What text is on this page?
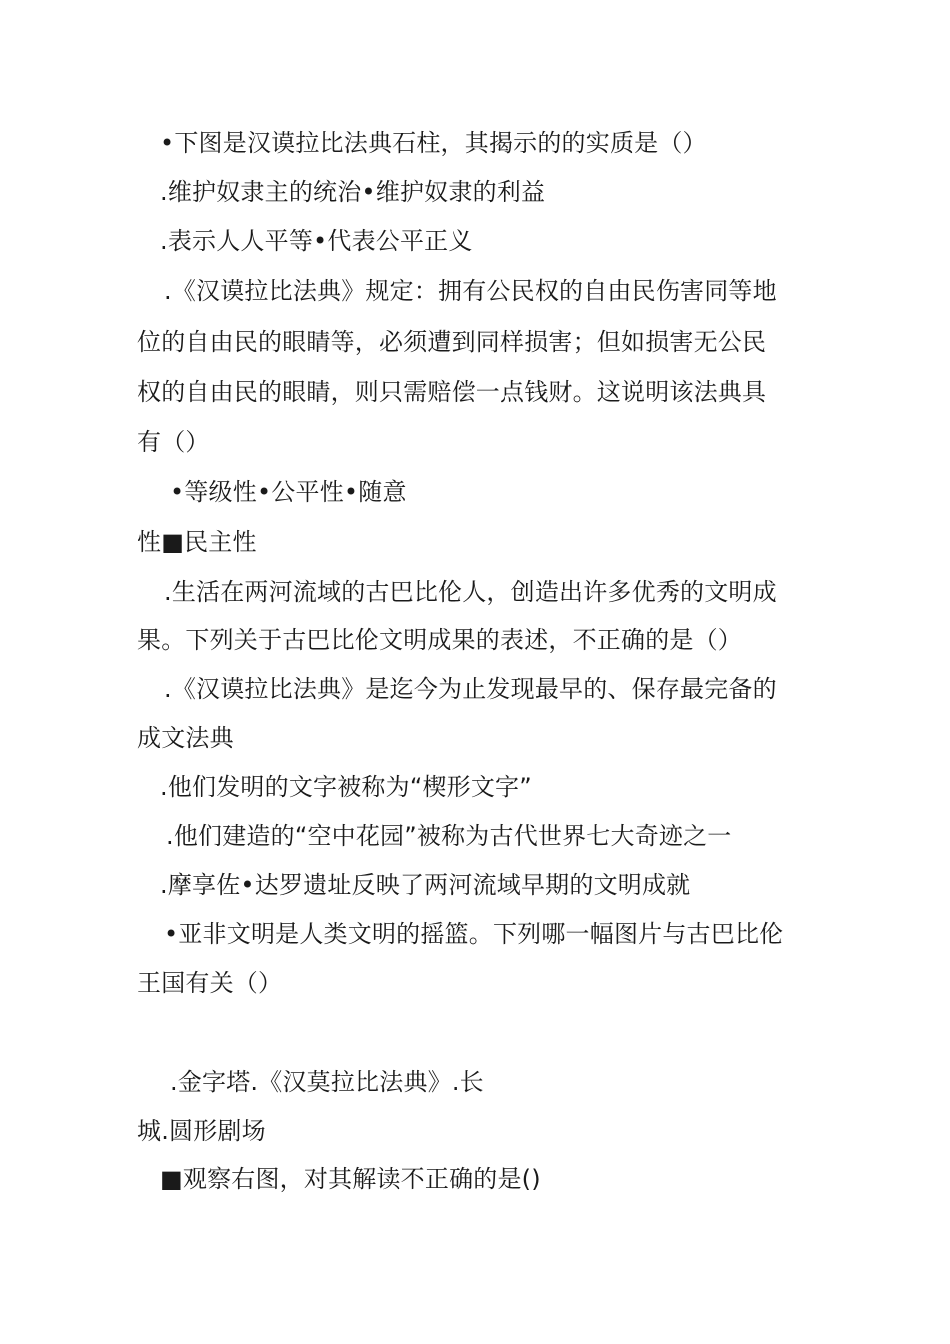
•下图是汉谟拉比法典石柱，其揭示的的实质是（）
.维护奴隶主的统治•维护奴隶的利益
.表示人人平等•代表公平正义
.《汉谟拉比法典》规定：拥有公民权的自由民伤害同等地
位的自由民的眼睛等，必须遭到同样损害；但如损害无公民
权的自由民的眼睛，则只需赔偿一点钱财。这说明该法典具
有（）
•等级性•公平性•随意
性■民主性
.生活在两河流域的古巴比伦人，创造出许多优秀的文明成
果。下列关于古巴比伦文明成果的表述，不正确的是（）
.《汉谟拉比法典》是迄今为止发现最早的、保存最完备的
成文法典
.他们发明的文字被称为“楔形文字”
.他们建造的“空中花园”被称为古代世界七大奇迹之一
.摩享佐•达罗遗址反映了两河流域早期的文明成就
•亚非文明是人类文明的摇篮。下列哪一幅图片与古巴比伦
王国有关（）
.金字塔.《汉莫拉比法典》.长
城.圆形剧场
■观察右图，对其解读不正确的是()
